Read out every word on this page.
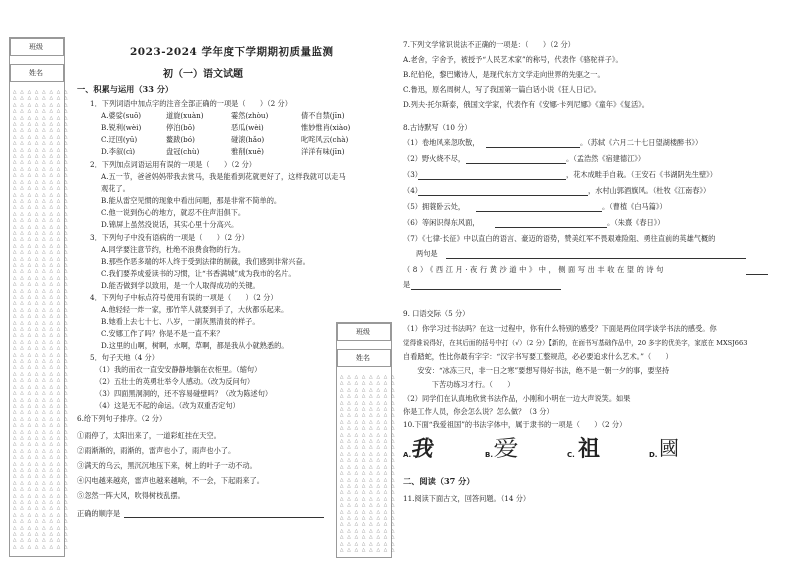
班级
姓名
△ △ △ △ △ △ △ △
△ △ △ △ △ △ △ △
△ △ △ △ △ △ △ △
△ △ △ △ △ △ △ △
△ △ △ △ △ △ △ △
△ △ △ △ △ △ △ △
△ △ △ △ △ △ △ △
△ △ △ △ △ △ △ △
△ △ △ △ △ △ △ △
△ △ △ △ △ △ △ △
△ △ △ △ △ △ △ △
△ △ △ △ △ △ △ △
△ △ △ △ △ △ △ △
△ △ △ △ △ △ △ △
△ △ △ △ △ △ △ △
△ △ △ △ △ △ △ △
△ △ △ △ △ △ △ △
△ △ △ △ △ △ △ △
△ △ △ △ △ △ △ △
△ △ △ △ △ △ △ △
△ △ △ △ △ △ △ △
△ △ △ △ △ △ △ △
△ △ △ △ △ △ △ △
△ △ △ △ △ △ △ △
△ △ △ △ △ △ △ △
△ △ △ △ △ △ △ △
△ △ △ △ △ △ △ △
△ △ △ △ △ △ △ △
△ △ △ △ △ △ △ △
△ △ △ △ △ △ △ △
△ △ △ △ △ △ △ △
△ △ △ △ △ △ △ △
△ △ △ △ △ △ △ △
△ △ △ △ △ △ △ △
△ △ △ △ △ △ △ △
△ △ △ △ △ △ △ △
△ △ △ △ △ △ △ △
△ △ △ △ △ △ △ △
△ △ △ △ △ △ △ △
△ △ △ △ △ △ △ △
△ △ △ △ △ △ △ △
△ △ △ △ △ △ △ △
△ △ △ △ △ △ △ △
△ △ △ △ △ △ △ △
△ △ △ △ △ △ △ △
△ △ △ △ △ △ △ △
△ △ △ △ △ △ △ △
△ △ △ △ △ △ △ △
△ △ △ △ △ △ △ △
△ △ △ △ △ △ △ △
△ △ △ △ △ △ △ △
△ △ △ △ △ △ △ △
△ △ △ △ △ △ △ △
△ △ △ △ △ △ △ △
△ △ △ △ △ △ △ △
△ △ △ △ △ △ △ △
△ △ △ △ △ △ △ △
△ △ △ △ △ △ △ △
△ △ △ △ △ △ △ △
△ △ △ △ △ △ △ △
△ △ △ △ △ △ △ △
△ △ △ △ △ △ △ △
△ △ △ △ △ △ △ △
△ △ △ △ △ △ △ △
△ △ △ △ △ △ △ △
△ △ △ △ △ △ △ △
△ △ △ △ △ △ △ △
△ △ △ △ △ △ △ △
△ △ △ △ △ △ △ △
△ △ △ △ △ △ △ △
△ △ △ △ △ △ △ △
△ △ △ △ △ △ △ △

班级
姓名
△ △ △ △ △ △ △ △
△ △ △ △ △ △ △ △
△ △ △ △ △ △ △ △
△ △ △ △ △ △ △ △
△ △ △ △ △ △ △ △
△ △ △ △ △ △ △ △
△ △ △ △ △ △ △ △
△ △ △ △ △ △ △ △
△ △ △ △ △ △ △ △
△ △ △ △ △ △ △ △
△ △ △ △ △ △ △ △
△ △ △ △ △ △ △ △
△ △ △ △ △ △ △ △
△ △ △ △ △ △ △ △
△ △ △ △ △ △ △ △
△ △ △ △ △ △ △ △
△ △ △ △ △ △ △ △
△ △ △ △ △ △ △ △
△ △ △ △ △ △ △ △
△ △ △ △ △ △ △ △
△ △ △ △ △ △ △ △
△ △ △ △ △ △ △ △
△ △ △ △ △ △ △ △
△ △ △ △ △ △ △ △
△ △ △ △ △ △ △ △
△ △ △ △ △ △ △ △
△ △ △ △ △ △ △ △
△ △ △ △ △ △ △ △

2023-2024 学年度下学期期初质量监测
初（一）语文试题
一、积累与运用（33 分）
1．下列词语中加点字的注音全部正确的一项是（　　）（2 分）
A.婆娑(suō)	道旋(xuàn)	霎然(zhòu)	倩不自禁(jīn)
B.锐利(wèi)	停泊(bō)	恶瓜(wèi)	惟妙惟肖(xiào)
C.迂回(yū)	鳌跋(bó)	碰滚(hǎo)	叱咤风云(chà)
D.李叙(cì)	盘冠(chù)	雅削(xuē)	洋洋有味(jīn)
2．下列加点词语运用有误的一项是（　　）（2 分）
A.五一节，爸爸妈妈带我去赏马，我是能看到花就更好了，这样我就可以走马
观花了。
B.能从雷空见惯的现象中看出问题，那是非常不简单的。
C.他一说到伤心的地方，就忍不住声泪俱下。
D.锦屏上虽然没说话，其实心里十分高兴。
3．下列句子中没有语病的一项是（　　）（2 分）
A.同学要注意节约，杜绝不浪费食物的行为。
B.那些作恶多端的坏人终于受到法律的制裁，我们感到非常兴奋。
C.我们要养成爱读书的习惯，让“书香满城”成为我市的名片。
D.能否做到学以致用，是一个人取得成功的关键。
4．下列句子中标点符号使用有误的一项是（　　）（2 分）
A.他轻轻一炸一家，那竹竿人就要到手了，大伙都乐起来。
B.她看上去七十七、八岁，一副灰黑清贫的样子。
C.安娜工作了吗？你是不是一直不来？
D.这里的山啊，树啊，水啊，草啊，都是我从小就熟悉的。
5．句子天地（4 分）
（1）我的而衣一直安安静静地躺在衣柜里。（缩句）
（2）五壮士的英勇壮举令人感动。（改为反问句）
（3）四面黑洞洞的，还不容易碰壁吗？（改为陈述句）
（4）这是无不起的命运。（改为双重否定句）
6.给下列句子排序。（2 分）
①雨停了，太阳出来了，一道彩虹挂在天空。
②雨渐渐的，雨渐的，雷声也小了，雨声也小了。
③满天的乌云，黑沉沉地压下来，树上的叶子一动不动。
④闪电越来越亮，雷声也越来越响，不一会，下起雨来了。
⑤忽然一阵大风，吹得树枝乱摆。
正确的顺序是
7.下列文学常识说法不正确的一项是：（　　）（2 分）
A.老舍，字舍予，被授予“人民艺术家”的称号，代表作《骆驼祥子》。
B.纪伯伦，黎巴嫩诗人，是现代东方文学走向世界的先驱之一。
C.鲁迅，原名周树人，写了我国第一篇白话小说《狂人日记》。
D.列夫·托尔斯泰，俄国文学家，代表作有《安娜·卡列尼娜》《童年》《复活》。
8.古诗默写（10 分）
（1）卷地风来忽吹散，	。（苏轼《六月二十七日望湖楼醉书》）
（2）野火烧不尽，	。（孟浩然《宿建德江》）
（3）	，花木成畦手自栽。（王安石《书湖阴先生壁》）
（4）	，水村山郭酒旗风。（杜牧《江南春》）
（5）拥蓑卧云处，	。（曹植《白马篇》）
（6）等闲识得东风面，	。（朱熹《春日》）
（7）《七律·长征》中以直白的语言、豪迈的语势，赞美红军不畏艰难险阻、勇往直前的英雄气概的
两句是
（8）《西江月·夜行黄沙道中》中，侧面写出丰收在望的诗句
是
9. 口语交际（5 分）
（1）你学习过书法吗？在这一过程中，你有什么特别的感受？下面是两位同学谈学书法的感受。你
觉得谁说得好，在其后面的括号中打（√）（2 分）【新的，在面书写基础作品中，20 多字的优美字，家底在 MXSJ663
自看踏蛇，性比你最有字字：“汉字书写要工整规范，必必要追求什么艺术。”（　　）
　　安安：“冰冻三尺，非一日之寒”要想写得好书法，绝不是一朝一夕的事，要坚持
　　　　下苦功练习才行。（　　）
（2）同学们在认真地欣赏书法作品，小刚和小明在一边大声说笑。如果
你是工作人员，你会怎么说？怎么做？（3 分）
10.下面“我爱祖国”的书法字体中，属于隶书的一项是（　　）（2 分）
A.
我	B. 爱	C. 祖	D. 國
二、阅读（37 分）
11.阅读下面古文，回答问题。（14 分）
